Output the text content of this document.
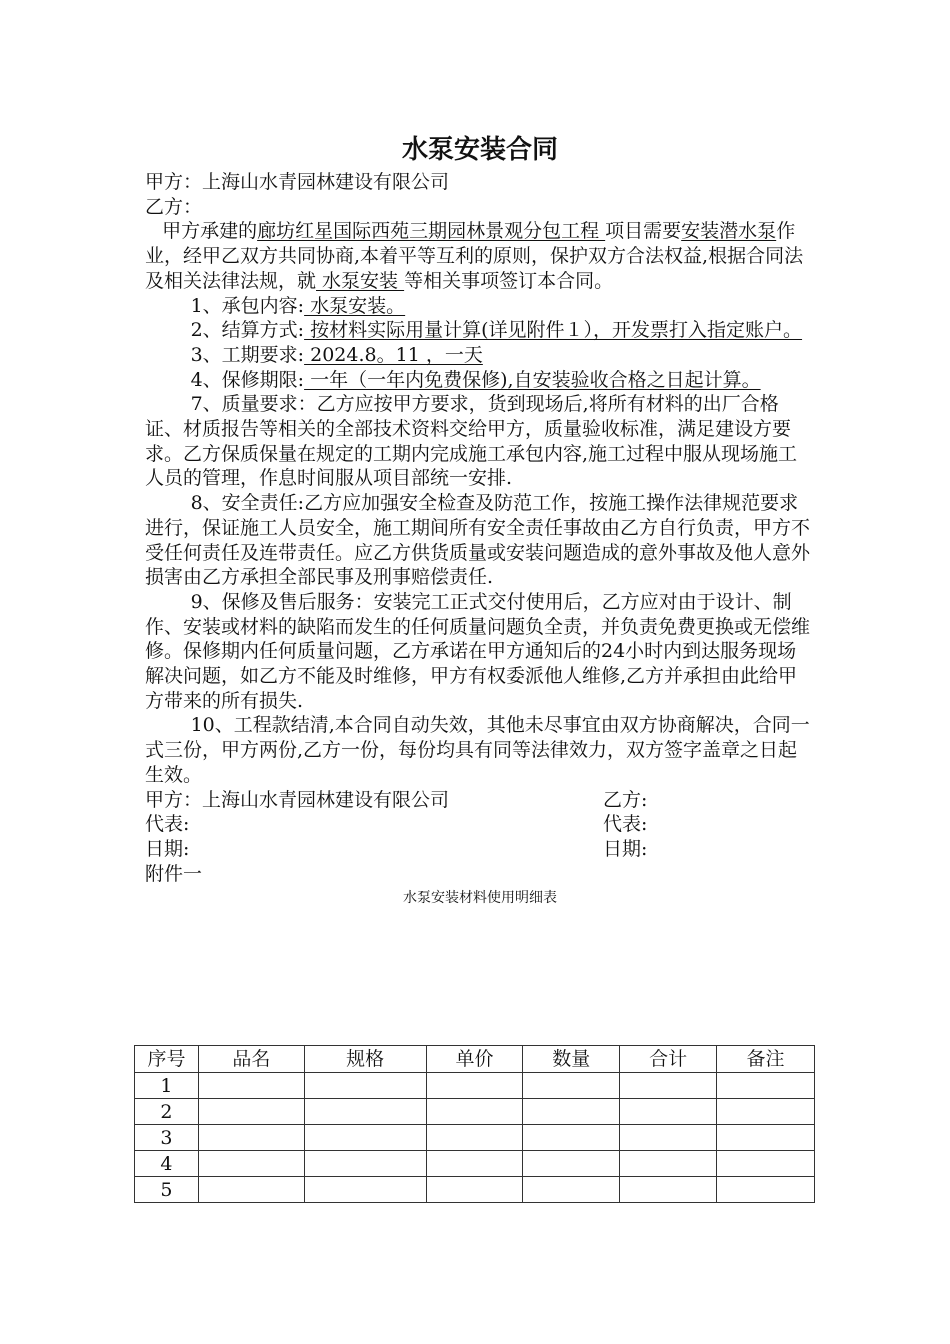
水泵安装合同

甲方：上海山水青园林建设有限公司

乙方：

甲方承建的廊坊红星国际西苑三期园林景观分包工程 项目需要安装潜水泵作业，经甲乙双方共同协商,本着平等互利的原则，保护双方合法权益,根据合同法及相关法律法规，就 水泵安装 等相关事项签订本合同。

1、承包内容: 水泵安装。

2、结算方式: 按材料实际用量计算(详见附件１），开发票打入指定账户。

3、工期要求: 2024.8。11 ，一天

4、保修期限: 一年（一年内免费保修),自安装验收合格之日起计算。

7、质量要求：乙方应按甲方要求，货到现场后,将所有材料的出厂合格证、材质报告等相关的全部技术资料交给甲方，质量验收标准，满足建设方要求。乙方保质保量在规定的工期内完成施工承包内容,施工过程中服从现场施工人员的管理，作息时间服从项目部统一安排.

8、安全责任:乙方应加强安全检查及防范工作，按施工操作法律规范要求进行，保证施工人员安全，施工期间所有安全责任事故由乙方自行负责，甲方不受任何责任及连带责任。应乙方供货质量或安装问题造成的意外事故及他人意外损害由乙方承担全部民事及刑事赔偿责任.

9、保修及售后服务：安装完工正式交付使用后，乙方应对由于设计、制作、安装或材料的缺陷而发生的任何质量问题负全责，并负责免费更换或无偿维修。保修期内任何质量问题，乙方承诺在甲方通知后的24小时内到达服务现场解决问题，如乙方不能及时维修，甲方有权委派他人维修,乙方并承担由此给甲方带来的所有损失.

10、工程款结清,本合同自动失效，其他未尽事宜由双方协商解决，合同一式三份，甲方两份,乙方一份，每份均具有同等法律效力，双方签字盖章之日起生效。

甲方：上海山水青园林建设有限公司	乙方:
代表:	代表:
日期:	日期:

附件一

水泵安装材料使用明细表
序号	品名	规格	单价	数量	合计	备注
1						
2						
3						
4						
5						
